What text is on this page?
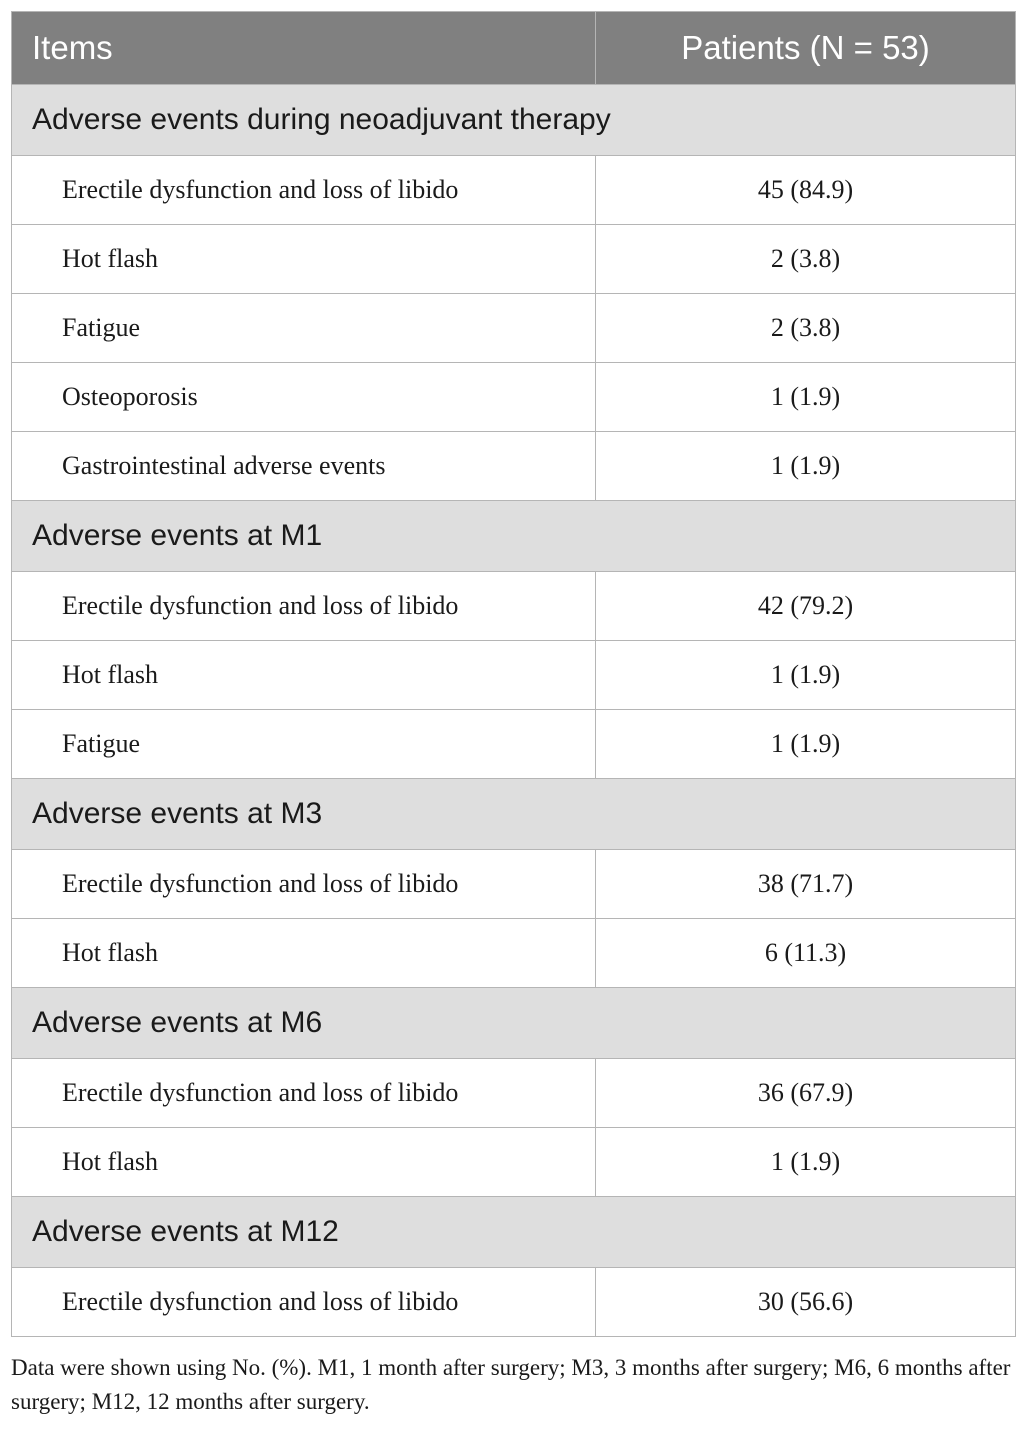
Items	Patients (N = 53)
Adverse events during neoadjuvant therapy	
Erectile dysfunction and loss of libido	45 (84.9)
Hot flash	2 (3.8)
Fatigue	2 (3.8)
Osteoporosis	1 (1.9)
Gastrointestinal adverse events	1 (1.9)
Adverse events at M1	
Erectile dysfunction and loss of libido	42 (79.2)
Hot flash	1 (1.9)
Fatigue	1 (1.9)
Adverse events at M3	
Erectile dysfunction and loss of libido	38 (71.7)
Hot flash	6 (11.3)
Adverse events at M6	
Erectile dysfunction and loss of libido	36 (67.9)
Hot flash	1 (1.9)
Adverse events at M12	
Erectile dysfunction and loss of libido	30 (56.6)
Data were shown using No. (%). M1, 1 month after surgery; M3, 3 months after surgery; M6, 6 months after surgery; M12, 12 months after surgery.
